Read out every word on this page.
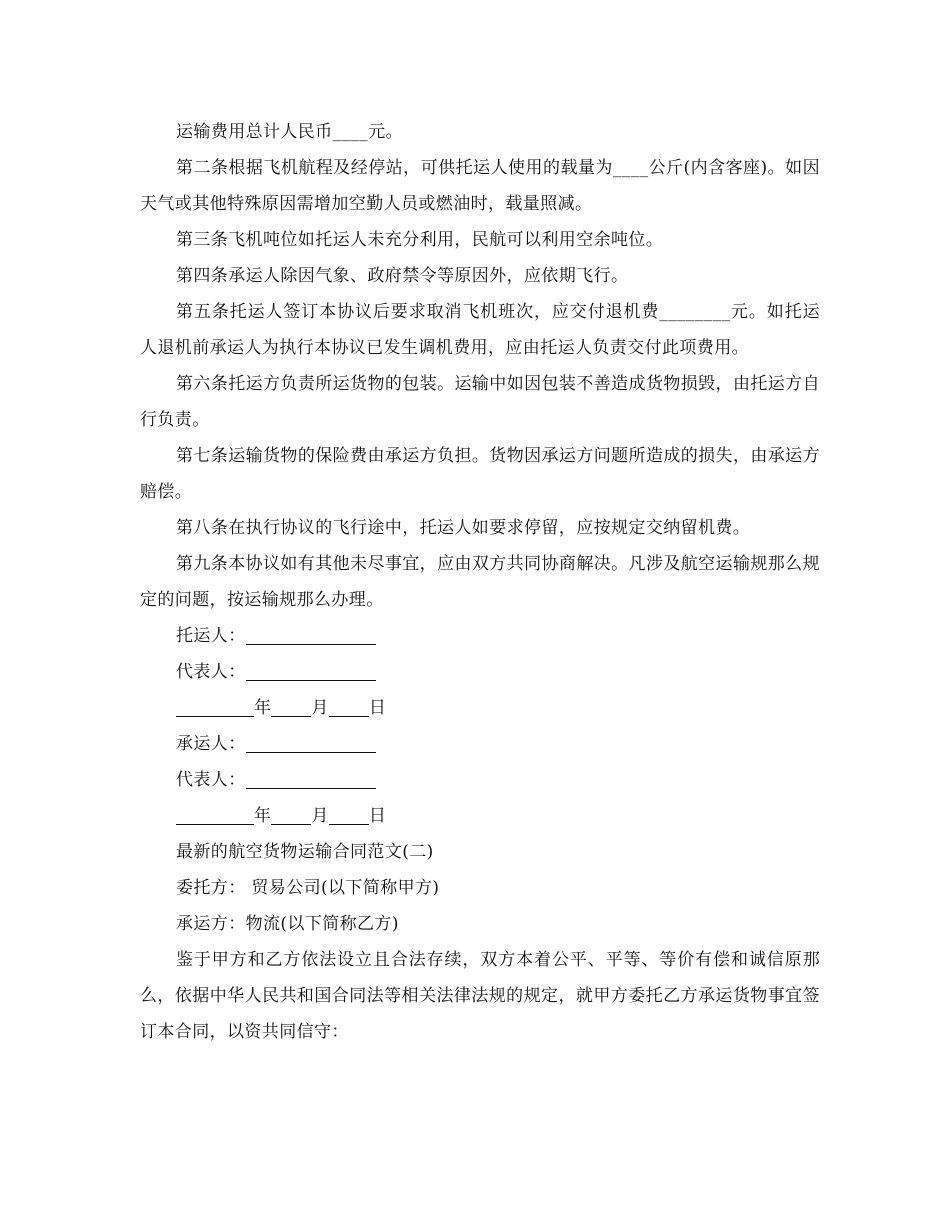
运输费用总计人民币____元。

第二条根据飞机航程及经停站，可供托运人使用的载量为____公斤(内含客座)。如因天气或其他特殊原因需增加空勤人员或燃油时，载量照减。

第三条飞机吨位如托运人未充分利用，民航可以利用空余吨位。

第四条承运人除因气象、政府禁令等原因外，应依期飞行。

第五条托运人签订本协议后要求取消飞机班次，应交付退机费________元。如托运人退机前承运人为执行本协议已发生调机费用，应由托运人负责交付此项费用。

第六条托运方负责所运货物的包装。运输中如因包装不善造成货物损毁，由托运方自行负责。

第七条运输货物的保险费由承运方负担。货物因承运方问题所造成的损失，由承运方赔偿。

第八条在执行协议的飞行途中，托运人如要求停留，应按规定交纳留机费。

第九条本协议如有其他未尽事宜，应由双方共同协商解决。凡涉及航空运输规那么规定的问题，按运输规那么办理。

托运人：
代表人：
年 月 日
承运人：
代表人：
年 月 日

最新的航空货物运输合同范文(二)

委托方： 贸易公司(以下简称甲方)

承运方：物流(以下简称乙方)

鉴于甲方和乙方依法设立且合法存续，双方本着公平、平等、等价有偿和诚信原那么，依据中华人民共和国合同法等相关法律法规的规定，就甲方委托乙方承运货物事宜签订本合同，以资共同信守：
